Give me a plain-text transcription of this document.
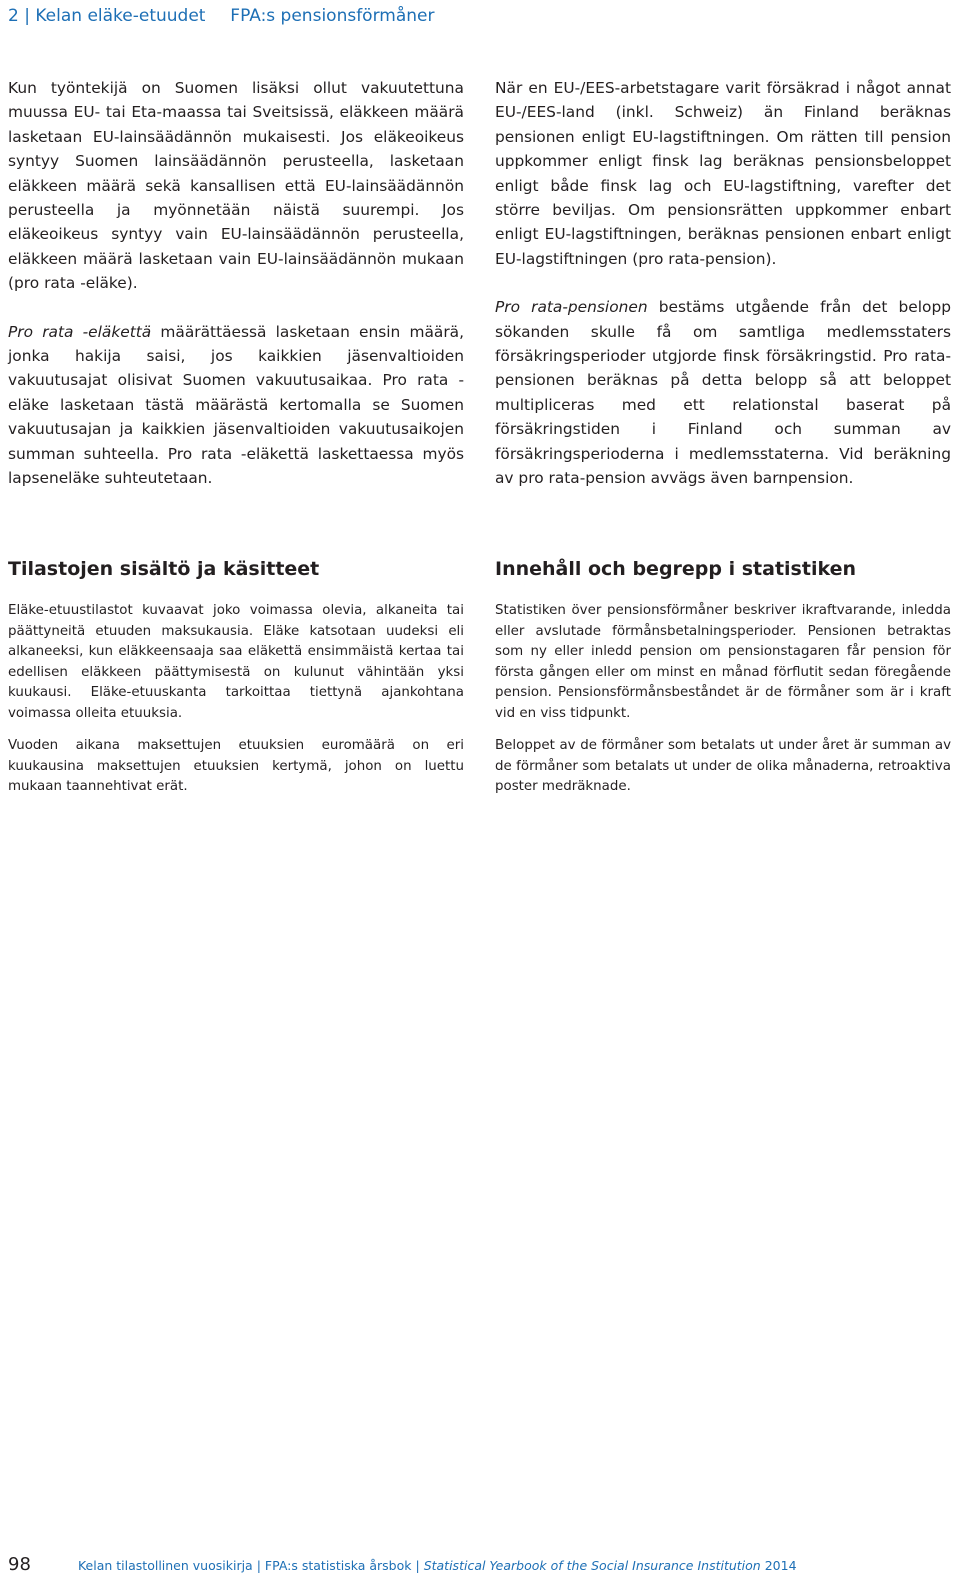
2 | Kelan eläke-etuudet FPA:s pensionsförmåner

Kun työntekijä on Suomen lisäksi ollut vakuutettuna muussa EU- tai Eta-maassa tai Sveitsissä, eläkkeen määrä lasketaan EU-lainsäädännön mukaisesti. Jos eläkeoikeus syntyy Suomen lainsäädännön perusteella, lasketaan eläkkeen määrä sekä kansallisen että EU-lainsäädännön perusteella ja myönnetään näistä suurempi. Jos eläkeoikeus syntyy vain EU-lainsäädännön perusteella, eläkkeen määrä lasketaan vain EU-lainsäädännön mukaan (pro rata -eläke).

Pro rata -eläkettä määrättäessä lasketaan ensin määrä, jonka hakija saisi, jos kaikkien jäsenvaltioiden vakuutusajat olisivat Suomen vakuutusaikaa. Pro rata -eläke lasketaan tästä määrästä kertomalla se Suomen vakuutusajan ja kaikkien jäsenvaltioiden vakuutusaikojen summan suhteella. Pro rata -eläkettä laskettaessa myös lapseneläke suhteutetaan.

När en EU-/EES-arbetstagare varit försäkrad i något annat EU-/EES-land (inkl. Schweiz) än Finland beräknas pensionen enligt EU-lagstiftningen. Om rätten till pension uppkommer enligt finsk lag beräknas pensionsbeloppet enligt både finsk lag och EU-lagstiftning, varefter det större beviljas. Om pensionsrätten uppkommer enbart enligt EU-lagstiftningen, beräknas pensionen enbart enligt EU-lagstiftningen (pro rata-pension).

Pro rata-pensionen bestäms utgående från det belopp sökanden skulle få om samtliga medlemsstaters försäkringsperioder utgjorde finsk försäkringstid. Pro rata-pensionen beräknas på detta belopp så att beloppet multipliceras med ett relationstal baserat på försäkringstiden i Finland och summan av försäkringsperioderna i medlemsstaterna. Vid beräkning av pro rata-pension avvägs även barnpension.

Tilastojen sisältö ja käsitteet

Eläke-etuustilastot kuvaavat joko voimassa olevia, alkaneita tai päättyneitä etuuden maksukausia. Eläke katsotaan uudeksi eli alkaneeksi, kun eläkkeensaaja saa eläkettä ensimmäistä kertaa tai edellisen eläkkeen päättymisestä on kulunut vähintään yksi kuukausi. Eläke-etuuskanta tarkoittaa tiettynä ajankohtana voimassa olleita etuuksia.

Vuoden aikana maksettujen etuuksien euromäärä on eri kuukausina maksettujen etuuksien kertymä, johon on luettu mukaan taannehtivat erät.

Innehåll och begrepp i statistiken

Statistiken över pensionsförmåner beskriver ikraftvarande, inledda eller avslutade förmånsbetalningsperioder. Pensionen betraktas som ny eller inledd pension om pensionstagaren får pension för första gången eller om minst en månad förflutit sedan föregående pension. Pensionsförmånsbeståndet är de förmåner som är i kraft vid en viss tidpunkt.

Beloppet av de förmåner som betalats ut under året är summan av de förmåner som betalats ut under de olika månaderna, retroaktiva poster medräknade.

98	Kelan tilastollinen vuosikirja | FPA:s statistiska årsbok | Statistical Yearbook of the Social Insurance Institution 2014
